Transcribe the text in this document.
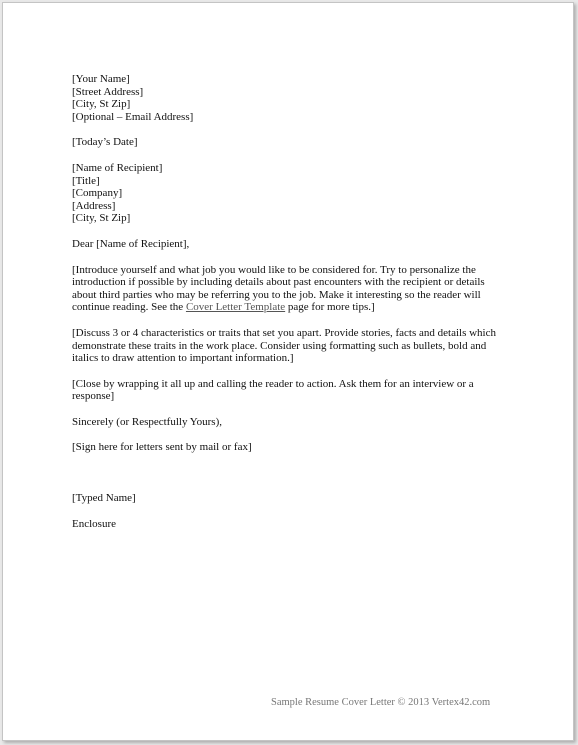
[Your Name]
[Street Address]
[City, St Zip]
[Optional – Email Address]
[Today’s Date]
[Name of Recipient]
[Title]
[Company]
[Address]
[City, St Zip]
Dear [Name of Recipient],
[Introduce yourself and what job you would like to be considered for. Try to personalize the
introduction if possible by including details about past encounters with the recipient or details
about third parties who may be referring you to the job. Make it interesting so the reader will
continue reading. See the Cover Letter Template page for more tips.]
[Discuss 3 or 4 characteristics or traits that set you apart. Provide stories, facts and details which
demonstrate these traits in the work place. Consider using formatting such as bullets, bold and
italics to draw attention to important information.]
[Close by wrapping it all up and calling the reader to action. Ask them for an interview or a
response]
Sincerely (or Respectfully Yours),
[Sign here for letters sent by mail or fax]
[Typed Name]
Enclosure
Sample Resume Cover Letter © 2013 Vertex42.com
